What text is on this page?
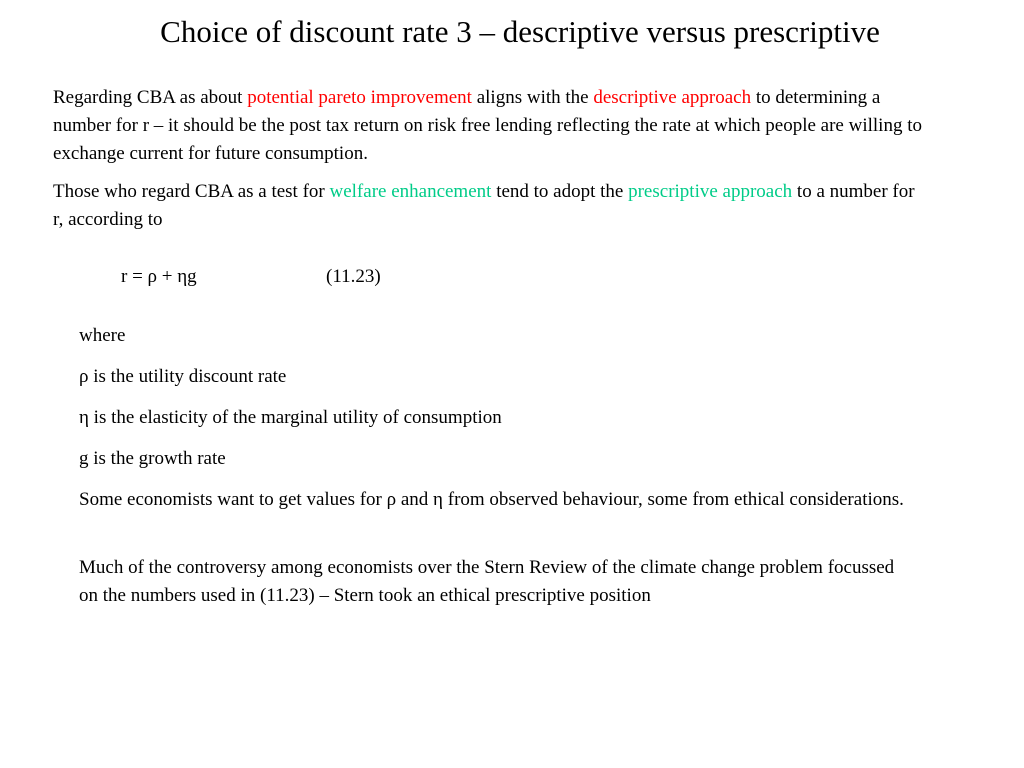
Choice of discount rate 3 – descriptive versus prescriptive

Regarding CBA as about potential pareto improvement aligns with the descriptive approach to determining a number for r – it should be the post tax return on risk free lending reflecting the rate at which people are willing to exchange current for future consumption.

Those who regard CBA as a test for welfare enhancement tend to adopt the prescriptive approach to a number for r, according to

r = ρ + ηg	(11.23)
where
ρ is the utility discount rate
η is the elasticity of the marginal utility of consumption
g is the growth rate

Some economists want to get values for ρ and η from observed behaviour, some from ethical considerations.

Much of the controversy among economists over the Stern Review of the climate change problem focussed on the numbers used in (11.23) – Stern took an ethical prescriptive position
